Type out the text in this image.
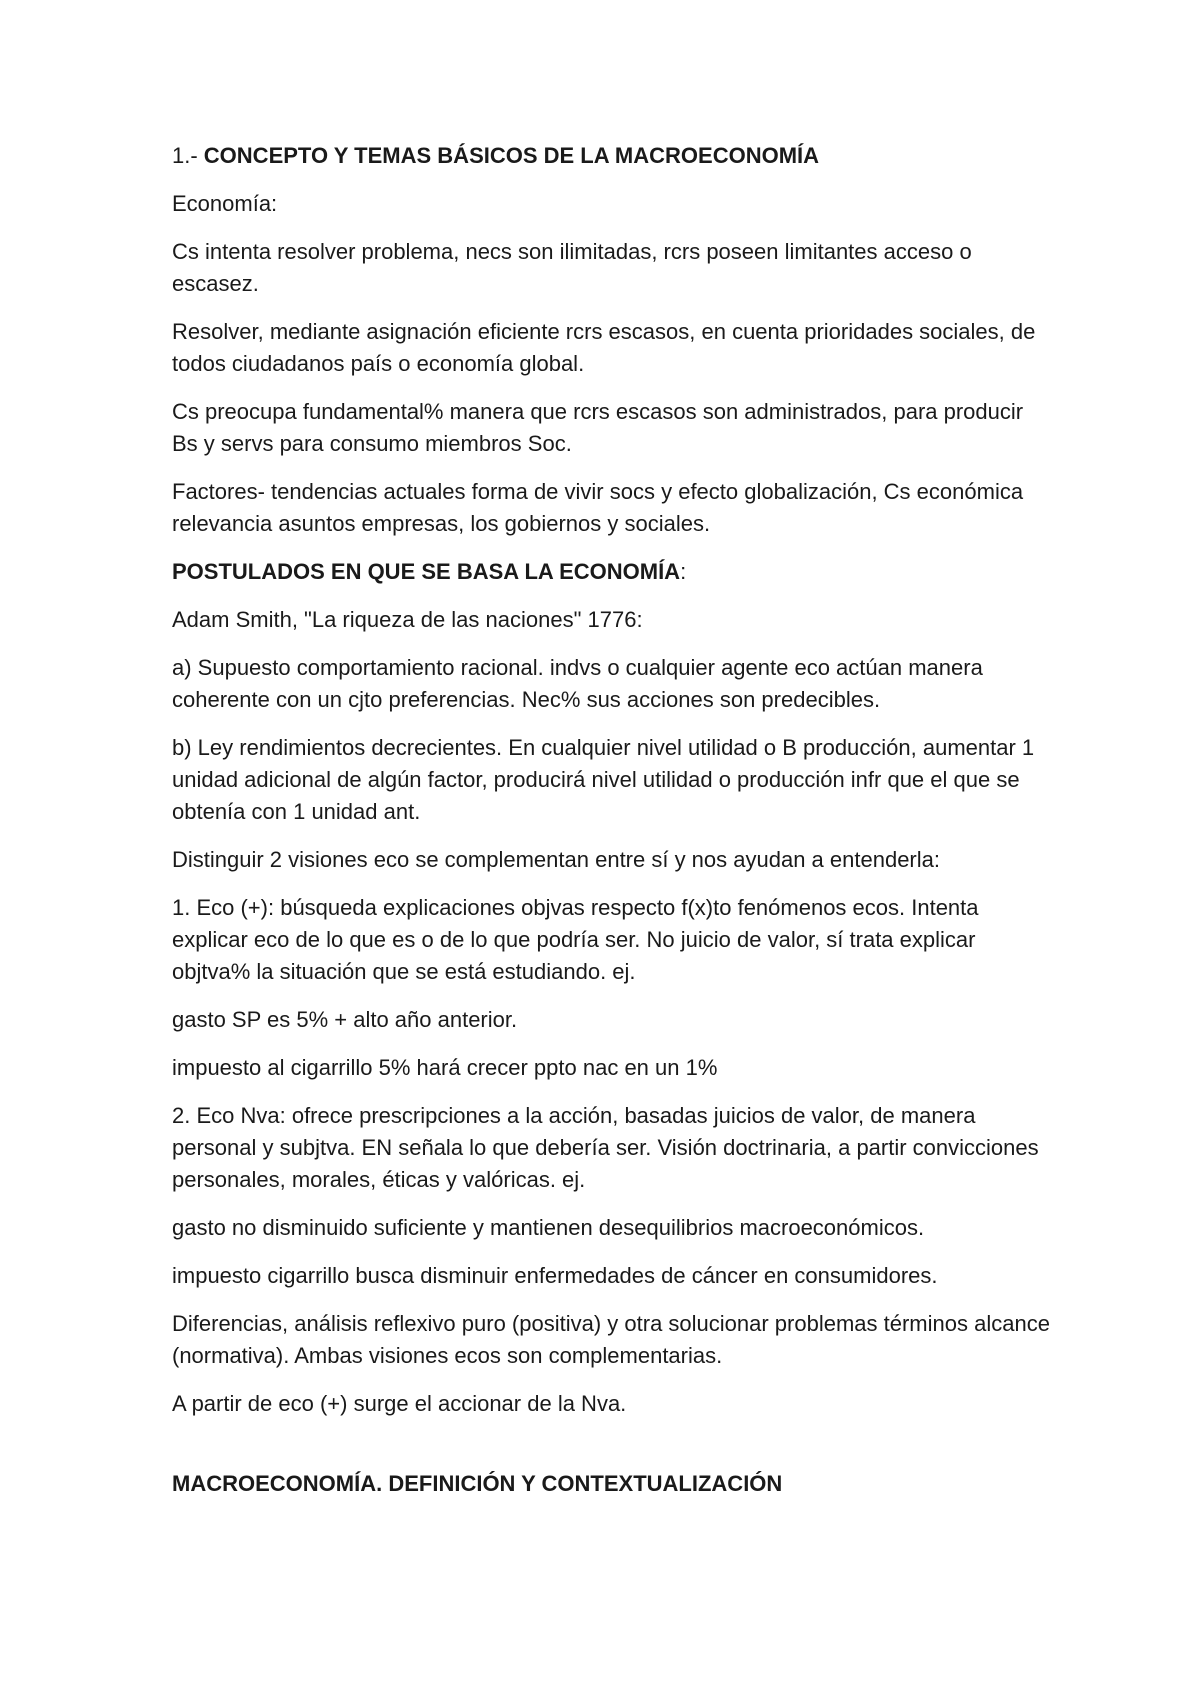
1.- CONCEPTO Y TEMAS BÁSICOS DE LA MACROECONOMÍA

Economía:

Cs intenta resolver problema, necs son ilimitadas, rcrs poseen limitantes acceso o escasez.

Resolver, mediante asignación eficiente rcrs escasos, en cuenta prioridades sociales, de todos ciudadanos país o economía global.

Cs preocupa fundamental% manera que rcrs escasos son administrados, para producir Bs y servs para consumo miembros Soc.

Factores- tendencias actuales forma de vivir socs y efecto globalización, Cs económica relevancia asuntos empresas, los gobiernos y sociales.

POSTULADOS EN QUE SE BASA LA ECONOMÍA:

Adam Smith, "La riqueza de las naciones" 1776:

a) Supuesto comportamiento racional. indvs o cualquier agente eco actúan manera coherente con un cjto preferencias. Nec% sus acciones son predecibles.

b) Ley rendimientos decrecientes. En cualquier nivel utilidad o B producción, aumentar 1 unidad adicional de algún factor, producirá nivel utilidad o producción infr que el que se obtenía con 1 unidad ant.

Distinguir 2 visiones eco se complementan entre sí y nos ayudan a entenderla:

1. Eco (+): búsqueda explicaciones objvas respecto f(x)to fenómenos ecos. Intenta explicar eco de lo que es o de lo que podría ser. No juicio de valor, sí trata explicar objtva% la situación que se está estudiando. ej.

gasto SP es 5% + alto año anterior.

impuesto al cigarrillo 5% hará crecer ppto nac en un 1%

2. Eco Nva: ofrece prescripciones a la acción, basadas juicios de valor, de manera personal y subjtva. EN señala lo que debería ser. Visión doctrinaria, a partir convicciones personales, morales, éticas y valóricas. ej.

gasto no disminuido suficiente y mantienen desequilibrios macroeconómicos.

impuesto cigarrillo busca disminuir enfermedades de cáncer en consumidores.

Diferencias, análisis reflexivo puro (positiva) y otra solucionar problemas términos alcance (normativa). Ambas visiones ecos son complementarias.

A partir de eco (+) surge el accionar de la Nva.

MACROECONOMÍA. DEFINICIÓN Y CONTEXTUALIZACIÓN
